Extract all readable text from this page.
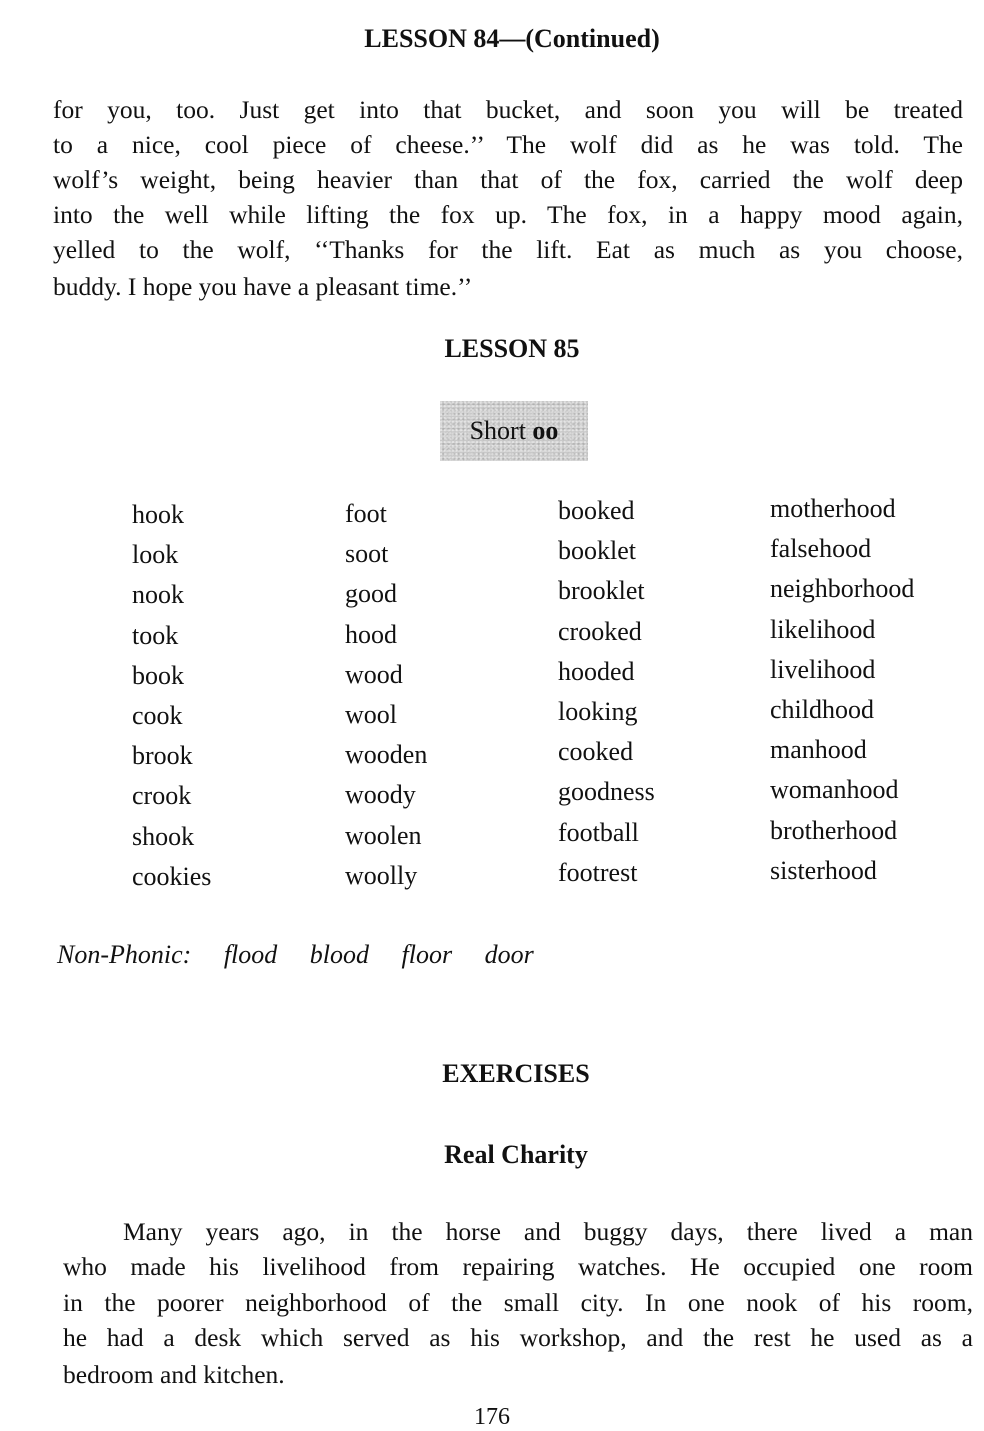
LESSON 84—(Continued)
for you, too. Just get into that bucket, and soon you will be treated
to a nice, cool piece of cheese.’’ The wolf did as he was told. The
wolf’s weight, being heavier than that of the fox, carried the wolf deep
into the well while lifting the fox up. The fox, in a happy mood again,
yelled to the wolf, ‘‘Thanks for the lift. Eat as much as you choose,
buddy. I hope you have a pleasant time.’’
LESSON 85
Short
oo
hook
look
nook
took
book
cook
brook
crook
shook
cookies
foot
soot
good
hood
wood
wool
wooden
woody
woolen
woolly
booked
booklet
brooklet
crooked
hooded
looking
cooked
goodness
football
footrest
motherhood
falsehood
neighborhood
likelihood
livelihood
childhood
manhood
womanhood
brotherhood
sisterhood
Non-Phonic: flood blood floor door
EXERCISES
Real Charity
Many years ago, in the horse and buggy days, there lived a man
who made his livelihood from repairing watches. He occupied one room
in the poorer neighborhood of the small city. In one nook of his room,
he had a desk which served as his workshop, and the rest he used as a
bedroom and kitchen.
176
